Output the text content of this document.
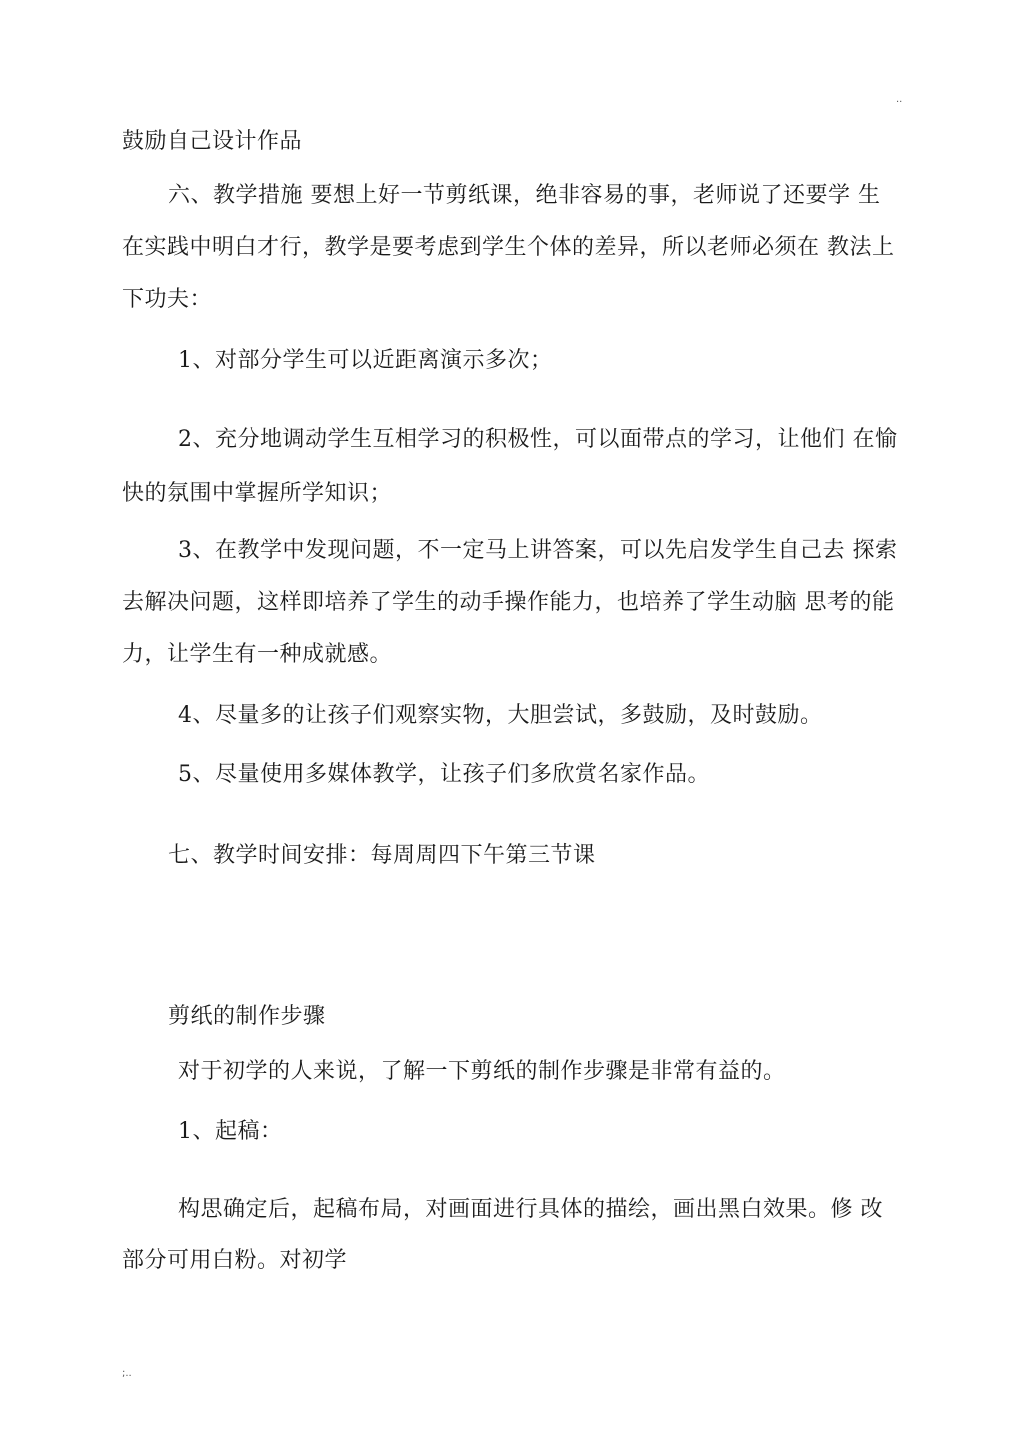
..
鼓励自己设计作品
六、教学措施 要想上好一节剪纸课，绝非容易的事，老师说了还要学 生
在实践中明白才行，教学是要考虑到学生个体的差异，所以老师必须在 教法上
下功夫：
1、对部分学生可以近距离演示多次；
2、充分地调动学生互相学习的积极性，可以面带点的学习，让他们 在愉
快的氛围中掌握所学知识；
3、在教学中发现问题，不一定马上讲答案，可以先启发学生自己去 探索
去解决问题，这样即培养了学生的动手操作能力，也培养了学生动脑 思考的能
力，让学生有一种成就感。
4、尽量多的让孩子们观察实物，大胆尝试，多鼓励，及时鼓励。
5、尽量使用多媒体教学，让孩子们多欣赏名家作品。
七、教学时间安排：每周周四下午第三节课
剪纸的制作步骤
对于初学的人来说，了解一下剪纸的制作步骤是非常有益的。
1、起稿：
构思确定后，起稿布局，对画面进行具体的描绘，画出黑白效果。修 改
部分可用白粉。对初学
;..
